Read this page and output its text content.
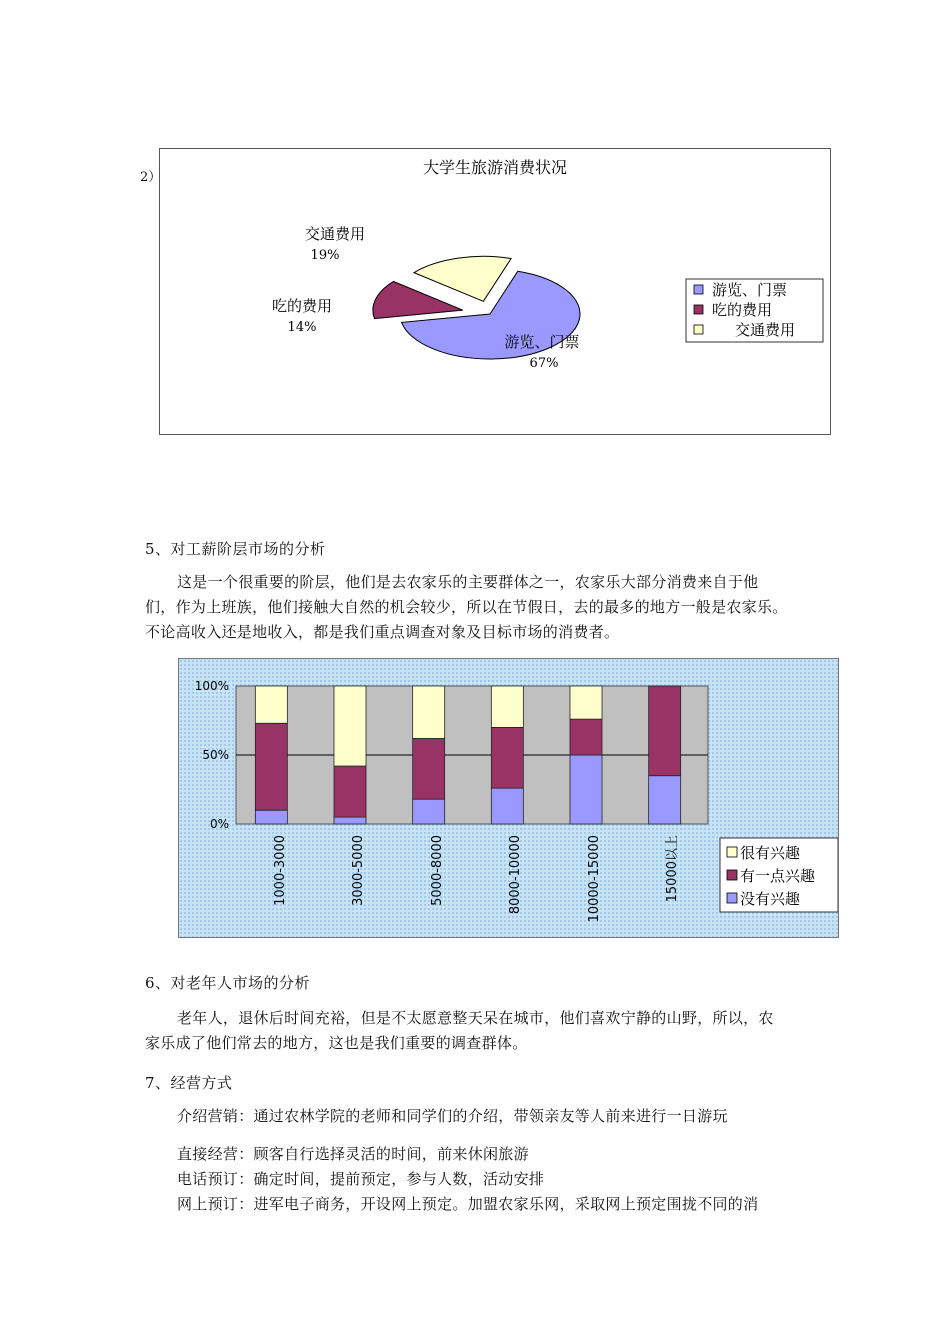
2）
大学生旅游消费状况
交通费用
19%
吃的费用
14%
游览、门票
67%
游览、门票
吃的费用
交通费用
5、对工薪阶层市场的分析
这是一个很重要的阶层，他们是去农家乐的主要群体之一，农家乐大部分消费来自于他
们，作为上班族，他们接触大自然的机会较少，所以在节假日，去的最多的地方一般是农家乐。
不论高收入还是地收入，都是我们重点调查对象及目标市场的消费者。
100%
50%
0%
1000-3000	3000-5000	5000-8000	8000-10000	10000-15000	15000以上	很有兴趣
有一点兴趣
没有兴趣
6、对老年人市场的分析
老年人，退休后时间充裕，但是不太愿意整天呆在城市，他们喜欢宁静的山野，所以，农
家乐成了他们常去的地方，这也是我们重要的调查群体。
7、经营方式
介绍营销：通过农林学院的老师和同学们的介绍，带领亲友等人前来进行一日游玩
直接经营：顾客自行选择灵活的时间，前来休闲旅游
电话预订：确定时间，提前预定，参与人数，活动安排
网上预订：进军电子商务，开设网上预定。加盟农家乐网，采取网上预定围拢不同的消
